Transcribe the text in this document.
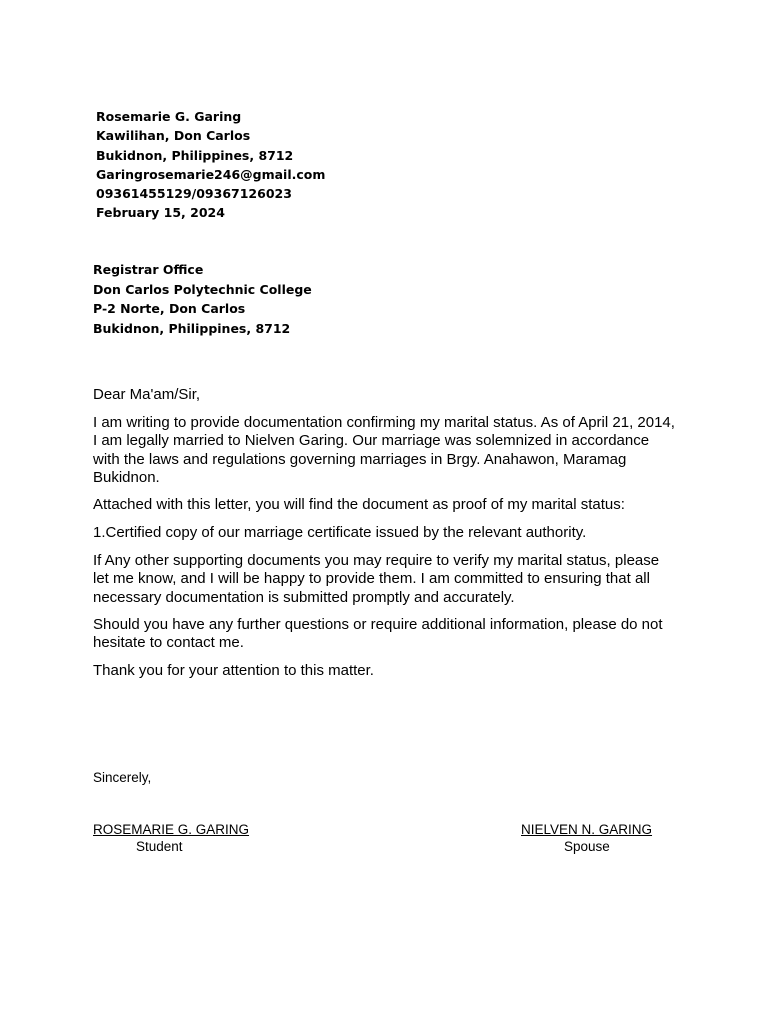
Rosemarie G. Garing
Kawilihan, Don Carlos
Bukidnon, Philippines, 8712
Garingrosemarie246@gmail.com
09361455129/09367126023
February 15, 2024
Registrar Office
Don Carlos Polytechnic College
P-2 Norte, Don Carlos
Bukidnon, Philippines, 8712

Dear Ma'am/Sir,

I am writing to provide documentation confirming my marital status. As of April 21, 2014, I am legally married to Nielven Garing. Our marriage was solemnized in accordance with the laws and regulations governing marriages in Brgy. Anahawon, Maramag Bukidnon.

Attached with this letter, you will find the document as proof of my marital status:

1.Certified copy of our marriage certificate issued by the relevant authority.

If Any other supporting documents you may require to verify my marital status, please let me know, and I will be happy to provide them. I am committed to ensuring that all necessary documentation is submitted promptly and accurately.

Should you have any further questions or require additional information, please do not hesitate to contact me.

Thank you for your attention to this matter.

Sincerely,
ROSEMARIE G. GARING
Student
NIELVEN N. GARING
Spouse
